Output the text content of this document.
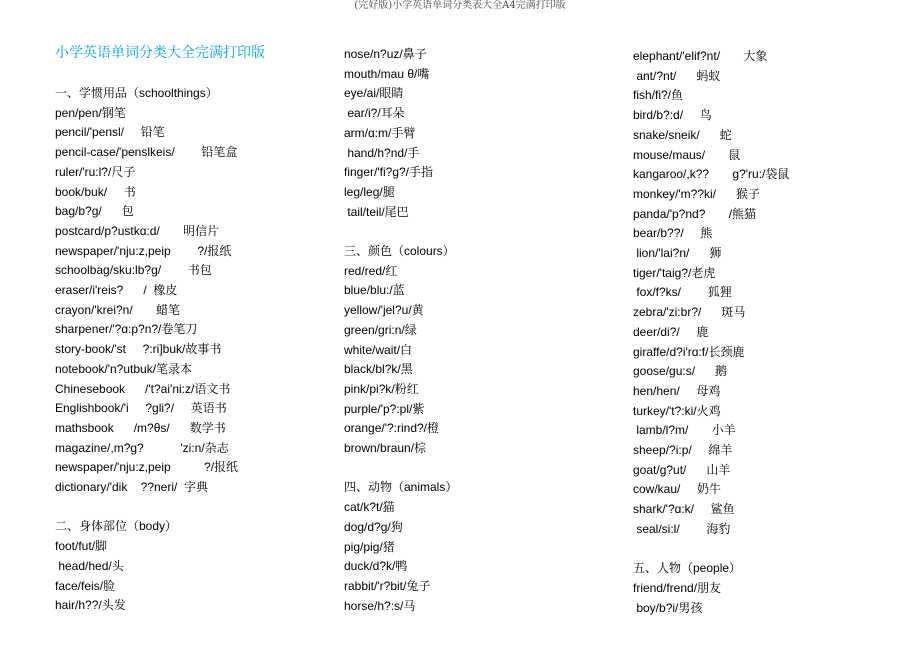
(完好版)小学英语单词分类表大全A4完满打印版
小学英语单词分类大全完满打印版
一、学惯用品（schoolthings）
pen/pen/钢笔
pencil/'pensl/     铅笔
pencil-case/'penslkeis/        铅笔盒
ruler/'ru:l?/尺子
book/buk/     书
bag/b?g/      包
postcard/p?ustkɑ:d/       明信片
newspaper/'nju:z,peip        ?/报纸
schoolbag/sku:lb?g/        书包
eraser/i'reis?      /  橡皮
crayon/'krei?n/       蜡笔
sharpener/'?ɑ:p?n?/卷笔刀
story-book/'st     ?:ri]buk/故事书
notebook/'n?utbuk/笔录本
Chinesebook      /'t?ai'ni:z/语文书
Englishbook/'i     ?gli?/     英语书
mathsbook      /m?θs/      数学书
magazine/,m?g?           'zi:n/杂志
newspaper/'nju:z,peip          ?/报纸
dictionary/'dik    ??neri/  字典
二、身体部位（body）
foot/fut/脚
head/hed/头
face/feis/脸
hair/h??/头发
nose/n?uz/鼻子
mouth/mau θ/嘴
eye/ai/眼睛
ear/i?/耳朵
arm/ɑ:m/手臂
hand/h?nd/手
finger/'fi?g?/手指
leg/leg/腿
tail/teil/尾巴
三、颜色（colours）
red/red/红
blue/blu:/蓝
yellow/'jel?u/黄
green/gri:n/绿
white/wait/白
black/bl?k/黑
pink/pi?k/粉红
purple/'p?:pl/紫
orange/'?:rind?/橙
brown/braun/棕
四、动物（animals）
cat/k?t/猫
dog/d?g/狗
pig/pig/猪
duck/d?k/鸭
rabbit/'r?bit/兔子
horse/h?:s/马
elephant/'elif?nt/       大象
ant/?nt/      蚂蚁
fish/fi?/鱼
bird/b?:d/     鸟
snake/sneik/      蛇
mouse/maus/       鼠
kangaroo/,k??       g?'ru:/袋鼠
monkey/'m??ki/      猴子
panda/'p?nd?       /熊猫
bear/b??/     熊
lion/'lai?n/      狮
tiger/'taig?/老虎
fox/f?ks/        狐狸
zebra/'zi:br?/      斑马
deer/di?/     鹿
giraffe/d?i'rɑ:f/长颈鹿
goose/gu:s/      鹅
hen/hen/     母鸡
turkey/'t?:ki/火鸡
lamb/l?m/       小羊
sheep/?i:p/     绵羊
goat/g?ut/      山羊
cow/kau/     奶牛
shark/'?ɑ:k/     鲨鱼
seal/si:l/        海豹
五、人物（people）
friend/frend/朋友
boy/b?i/男孩
